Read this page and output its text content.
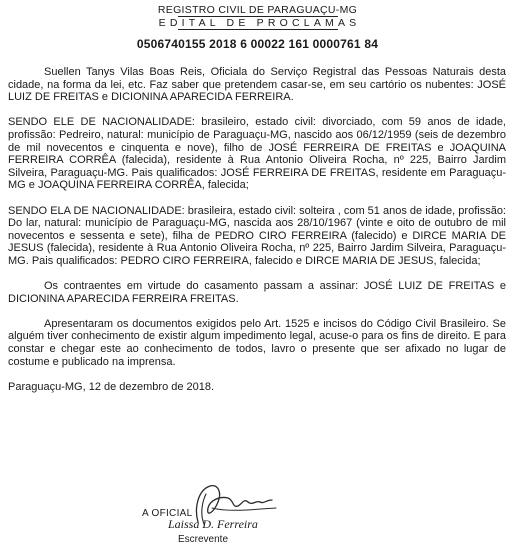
REGISTRO CIVIL DE PARAGUAÇU-MG
EDITAL DE PROCLAMAS
0506740155 2018 6 00022 161 0000761 84

Suellen Tanys Vilas Boas Reis, Oficiala do Serviço Registral das Pessoas Naturais desta cidade, na forma da lei, etc. Faz saber que pretendem casar-se, em seu cartório os nubentes: JOSÉ LUIZ DE FREITAS e DICIONINA APARECIDA FERREIRA.

SENDO ELE DE NACIONALIDADE: brasileiro, estado civil: divorciado, com 59 anos de idade, profissão: Pedreiro, natural: município de Paraguaçu-MG, nascido aos 06/12/1959 (seis de dezembro de mil novecentos e cinquenta e nove), filho de JOSÉ FERREIRA DE FREITAS e JOAQUINA FERREIRA CORRÊA (falecida), residente à Rua Antonio Oliveira Rocha, nº 225, Bairro Jardim Silveira, Paraguaçu-MG. Pais qualificados: JOSÉ FERREIRA DE FREITAS, residente em Paraguaçu-MG e JOAQUINA FERREIRA CORRÊA, falecida;

SENDO ELA DE NACIONALIDADE: brasileira, estado civil: solteira , com 51 anos de idade, profissão: Do lar, natural: município de Paraguaçu-MG, nascida aos 28/10/1967 (vinte e oito de outubro de mil novecentos e sessenta e sete), filha de PEDRO CIRO FERREIRA (falecido) e DIRCE MARIA DE JESUS (falecida), residente à Rua Antonio Oliveira Rocha, nº 225, Bairro Jardim Silveira, Paraguaçu-MG. Pais qualificados: PEDRO CIRO FERREIRA, falecido e DIRCE MARIA DE JESUS, falecida;

Os contraentes em virtude do casamento passam a assinar: JOSÉ LUIZ DE FREITAS e DICIONINA APARECIDA FERREIRA FREITAS.

Apresentaram os documentos exigidos pelo Art. 1525 e incisos do Código Civil Brasileiro. Se alguém tiver conhecimento de existir algum impedimento legal, acuse-o para os fins de direito. E para constar e chegar este ao conhecimento de todos, lavro o presente que ser afixado no lugar de costume e publicado na imprensa.

Paraguaçu-MG, 12 de dezembro de 2018.

A OFICIAL
Laissa D. Ferreira
Escrevente
